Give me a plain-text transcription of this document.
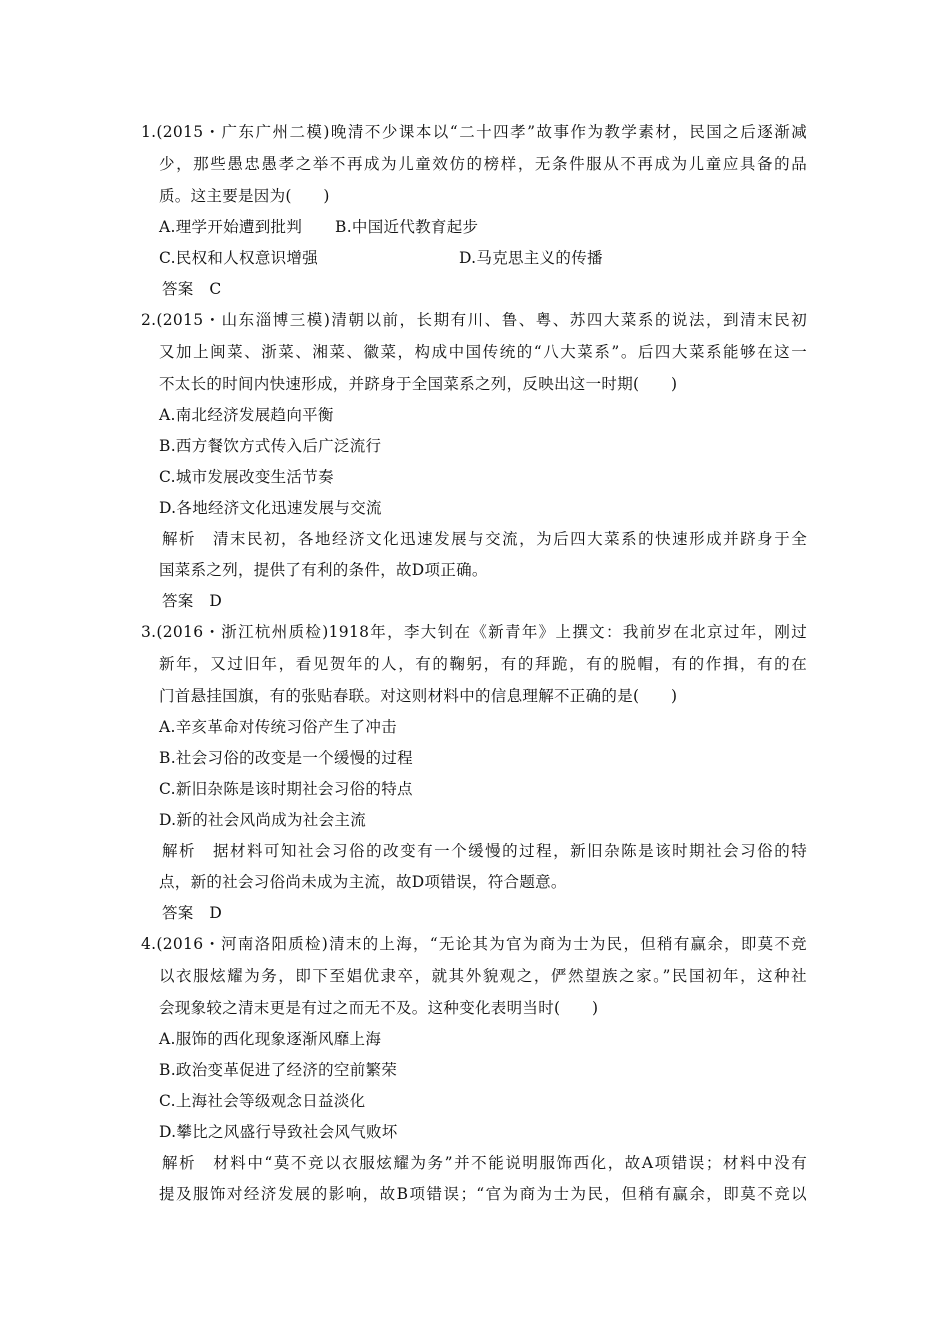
1.(2015・广东广州二模)晚清不少课本以“二十四孝”故事作为教学素材，民国之后逐渐减
少，那些愚忠愚孝之举不再成为儿童效仿的榜样，无条件服从不再成为儿童应具备的品
质。这主要是因为(　　)
A.理学开始遭到批判 B.中国近代教育起步
C.民权和人权意识增强	D.马克思主义的传播
答案　C
2.(2015・山东淄博三模)清朝以前，长期有川、鲁、粤、苏四大菜系的说法，到清末民初
又加上闽菜、浙菜、湘菜、徽菜，构成中国传统的“八大菜系”。后四大菜系能够在这一
不太长的时间内快速形成，并跻身于全国菜系之列，反映出这一时期(　　)
A.南北经济发展趋向平衡
B.西方餐饮方式传入后广泛流行
C.城市发展改变生活节奏
D.各地经济文化迅速发展与交流
解析　清末民初，各地经济文化迅速发展与交流，为后四大菜系的快速形成并跻身于全
国菜系之列，提供了有利的条件，故D项正确。
答案　D
3.(2016・浙江杭州质检)1918年，李大钊在《新青年》上撰文：我前岁在北京过年，刚过
新年，又过旧年，看见贺年的人，有的鞠躬，有的拜跪，有的脱帽，有的作揖，有的在
门首悬挂国旗，有的张贴春联。对这则材料中的信息理解不正确的是(　　)
A.辛亥革命对传统习俗产生了冲击
B.社会习俗的改变是一个缓慢的过程
C.新旧杂陈是该时期社会习俗的特点
D.新的社会风尚成为社会主流
解析　据材料可知社会习俗的改变有一个缓慢的过程，新旧杂陈是该时期社会习俗的特
点，新的社会习俗尚未成为主流，故D项错误，符合题意。
答案　D
4.(2016・河南洛阳质检)清末的上海，“无论其为官为商为士为民，但稍有赢余，即莫不竞
以衣服炫耀为务，即下至娼优隶卒，就其外貌观之，俨然望族之家。”民国初年，这种社
会现象较之清末更是有过之而无不及。这种变化表明当时(　　)
A.服饰的西化现象逐渐风靡上海
B.政治变革促进了经济的空前繁荣
C.上海社会等级观念日益淡化
D.攀比之风盛行导致社会风气败坏
解析　材料中“莫不竞以衣服炫耀为务”并不能说明服饰西化，故A项错误；材料中没有
提及服饰对经济发展的影响，故B项错误；“官为商为士为民，但稍有赢余，即莫不竞以
